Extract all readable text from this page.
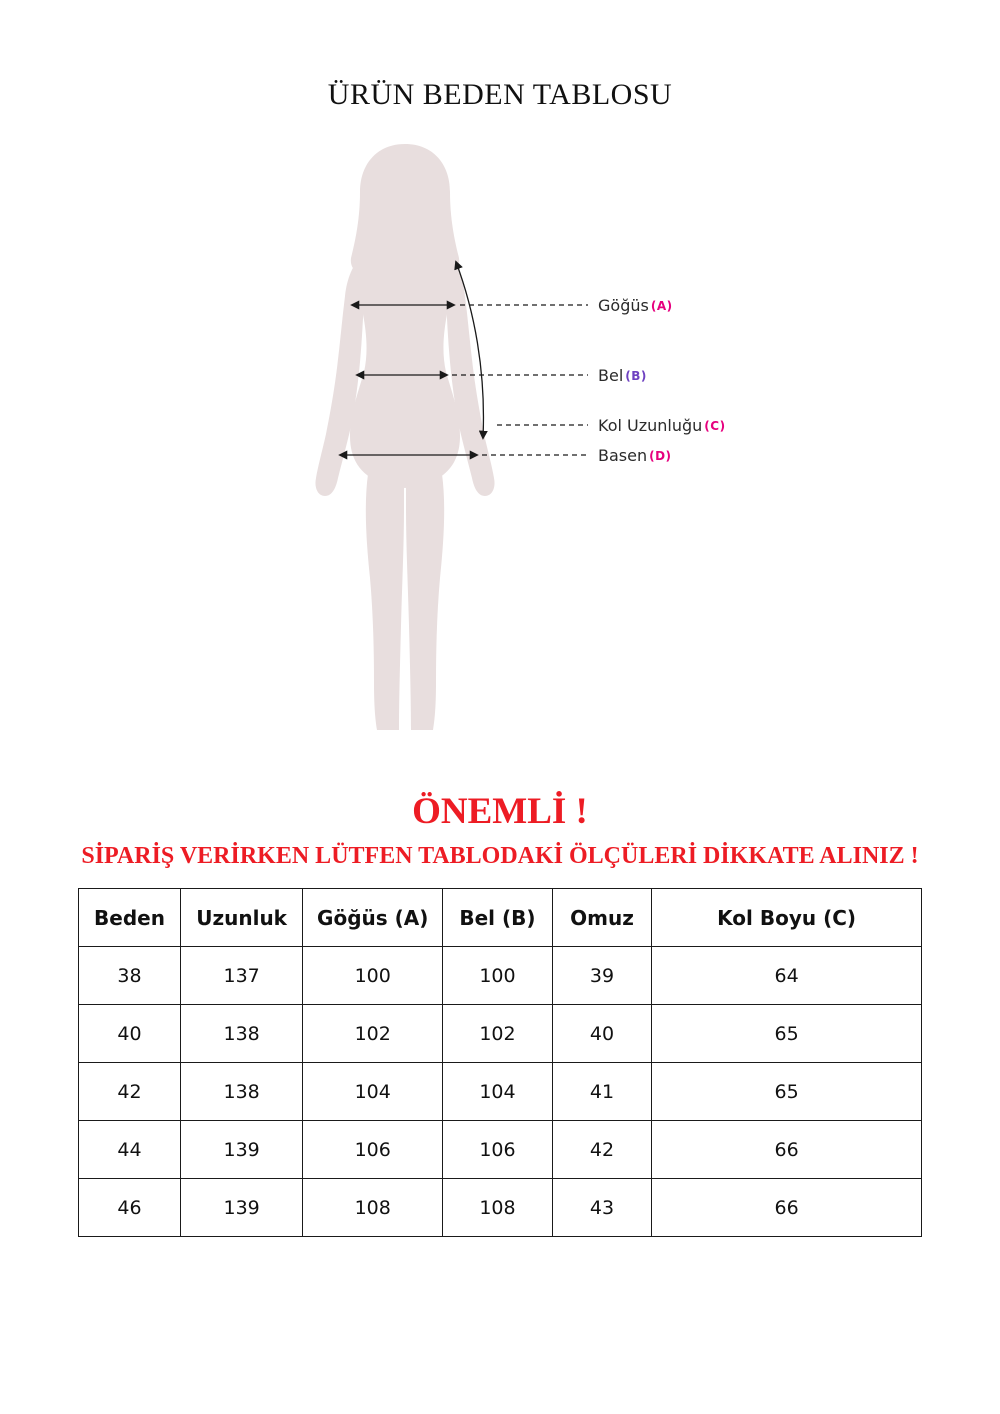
ÜRÜN BEDEN TABLOSU
Göğüs (A)
Bel (B)
Kol Uzunluğu (C)
Basen (D)
ÖNEMLİ !
SİPARİŞ VERİRKEN LÜTFEN TABLODAKİ ÖLÇÜLERİ DİKKATE ALINIZ !
Beden	Uzunluk	Göğüs (A)	Bel (B)	Omuz	Kol Boyu (C)
38	137	100	100	39	64
40	138	102	102	40	65
42	138	104	104	41	65
44	139	106	106	42	66
46	139	108	108	43	66
